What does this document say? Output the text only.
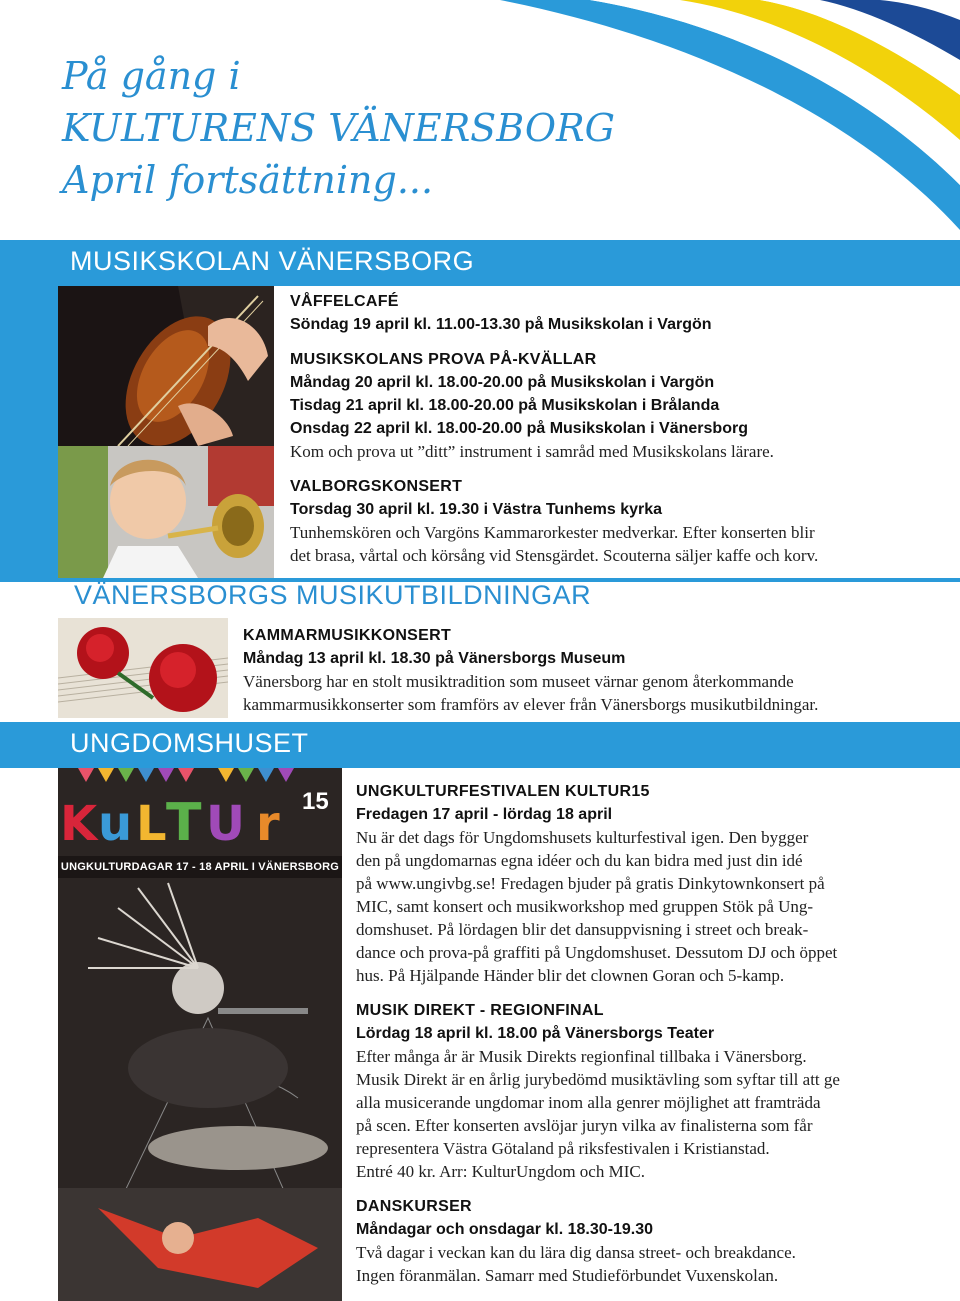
På gång i
KULTURENS VÄNERSBORG
April fortsättning...
MUSIKSKOLAN VÄNERSBORG
VÅFFELCAFÉ
Söndag 19 april kl. 11.00-13.30 på Musikskolan i Vargön
MUSIKSKOLANS PROVA PÅ-KVÄLLAR
Måndag 20 april kl. 18.00-20.00 på Musikskolan i Vargön
Tisdag 21 april kl. 18.00-20.00 på Musikskolan i Brålanda
Onsdag 22 april kl. 18.00-20.00 på Musikskolan i Vänersborg
Kom och prova ut ”ditt” instrument i samråd med Musikskolans lärare.
VALBORGSKONSERT
Torsdag 30 april kl. 19.30 i Västra Tunhems kyrka
Tunhemskören och Vargöns Kammarorkester medverkar. Efter konserten blir
det brasa, vårtal och körsång vid Stensgärdet. Scouterna säljer kaffe och korv.
VÄNERSBORGS MUSIKUTBILDNINGAR
KAMMARMUSIKKONSERT
Måndag 13 april kl. 18.30 på Vänersborgs Museum
Vänersborg har en stolt musiktradition som museet värnar genom återkommande
kammarmusikkonserter som framförs av elever från Vänersborgs musikutbildningar.
UNGDOMSHUSET
K u L T U r 15
UNGKULTURDAGAR 17 - 18 APRIL I VÄNERSBORG
UNGKULTURFESTIVALEN KULTUR15
Fredagen 17 april - lördag 18 april
Nu är det dags för Ungdomshusets kulturfestival igen. Den bygger
den på ungdomarnas egna idéer och du kan bidra med just din idé
på www.ungivbg.se! Fredagen bjuder på gratis Dinkytownkonsert på
MIC, samt konsert och musikworkshop med gruppen Stök på Ung-
domshuset. På lördagen blir det dansuppvisning i street och break-
dance och prova-på graffiti på Ungdomshuset. Dessutom DJ och öppet
hus. På Hjälpande Händer blir det clownen Goran och 5-kamp.
MUSIK DIREKT - REGIONFINAL
Lördag 18 april kl. 18.00 på Vänersborgs Teater
Efter många år är Musik Direkts regionfinal tillbaka i Vänersborg.
Musik Direkt är en årlig jurybedömd musiktävling som syftar till att ge
alla musicerande ungdomar inom alla genrer möjlighet att framträda
på scen. Efter konserten avslöjar juryn vilka av finalisterna som får
representera Västra Götaland på riksfestivalen i Kristianstad.
Entré 40 kr. Arr: KulturUngdom och MIC.
DANSKURSER
Måndagar och onsdagar kl. 18.30-19.30
Två dagar i veckan kan du lära dig dansa street- och breakdance.
Ingen föranmälan. Samarr med Studieförbundet Vuxenskolan.
